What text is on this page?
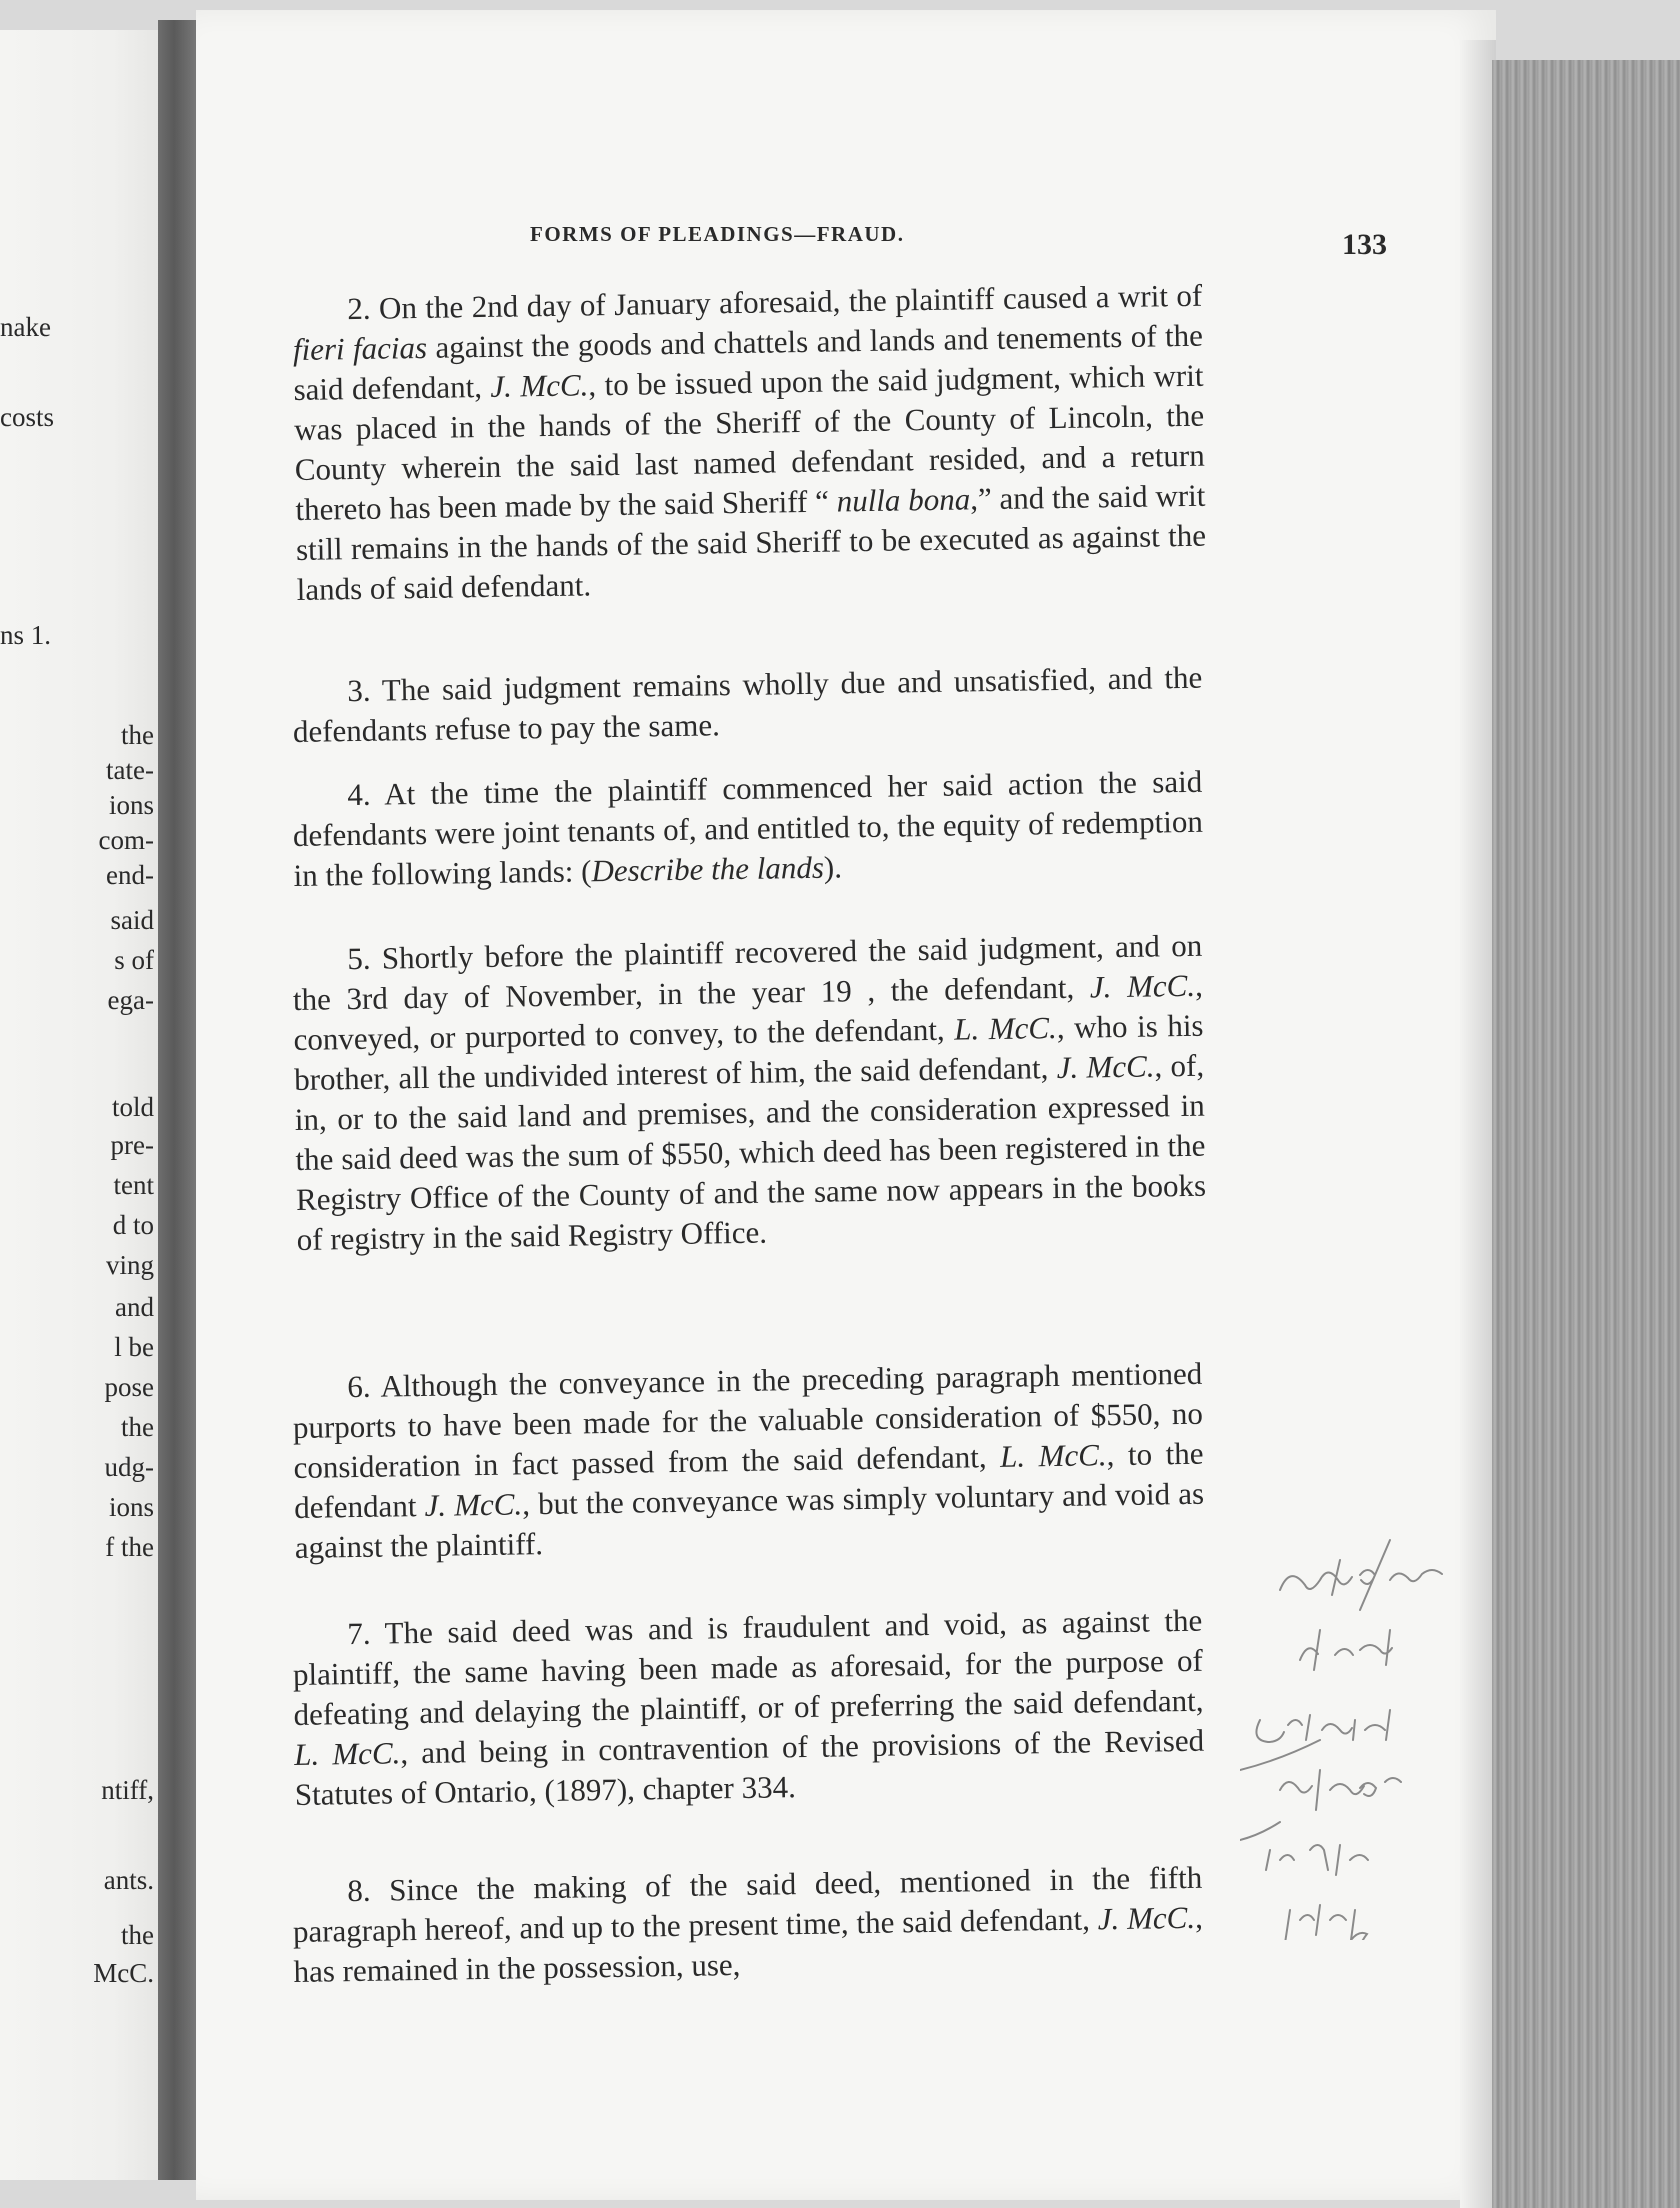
nake
costs
ns 1.
the
tate-
ions
com-
end-
said
s of
ega-
told
pre-
tent
d to
ving
and
l be
pose
the
udg-
ions
f the
ntiff,
ants.
the
McC.
FORMS OF PLEADINGS—FRAUD.	133

2. On the 2nd day of January aforesaid, the plaintiff caused a writ of fieri facias against the goods and chattels and lands and tenements of the said defendant, J. McC., to be issued upon the said judgment, which writ was placed in the hands of the Sheriff of the County of Lincoln, the County wherein the said last named defendant resided, and a return thereto has been made by the said Sheriff “ nulla bona,” and the said writ still remains in the hands of the said Sheriff to be executed as against the lands of said defendant.

3. The said judgment remains wholly due and unsatisfied, and the defendants refuse to pay the same.

4. At the time the plaintiff commenced her said action the said defendants were joint tenants of, and entitled to, the equity of redemption in the following lands: (Describe the lands).

5. Shortly before the plaintiff recovered the said judgment, and on the 3rd day of November, in the year 19 , the defendant, J. McC., conveyed, or purported to convey, to the defendant, L. McC., who is his brother, all the undivided interest of him, the said defendant, J. McC., of, in, or to the said land and premises, and the consideration expressed in the said deed was the sum of $550, which deed has been registered in the Registry Office of the County of and the same now appears in the books of registry in the said Registry Office.

6. Although the conveyance in the preceding paragraph mentioned purports to have been made for the valuable consideration of $550, no consideration in fact passed from the said defendant, L. McC., to the defendant J. McC., but the conveyance was simply voluntary and void as against the plaintiff.

7. The said deed was and is fraudulent and void, as against the plaintiff, the same having been made as aforesaid, for the purpose of defeating and delaying the plaintiff, or of preferring the said defendant, L. McC., and being in contravention of the provisions of the Revised Statutes of Ontario, (1897), chapter 334.

8. Since the making of the said deed, mentioned in the fifth paragraph hereof, and up to the present time, the said defendant, J. McC., has remained in the possession, use,
